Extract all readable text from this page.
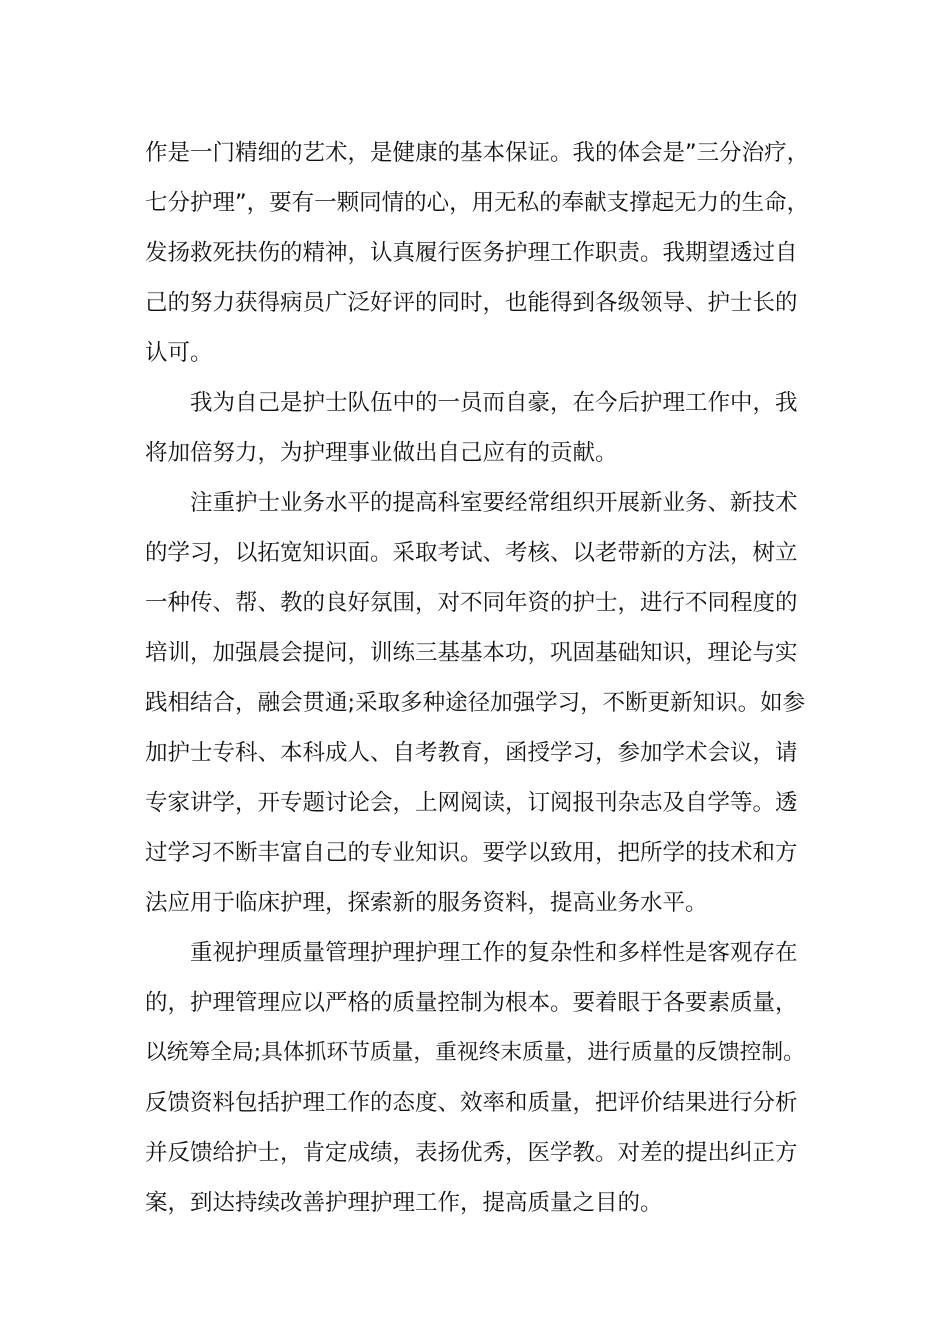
作是一门精细的艺术，是健康的基本保证。我的体会是”三分治疗，
七分护理”，要有一颗同情的心，用无私的奉献支撑起无力的生命，
发扬救死扶伤的精神，认真履行医务护理工作职责。我期望透过自
己的努力获得病员广泛好评的同时，也能得到各级领导、护士长的
认可。
我为自己是护士队伍中的一员而自豪，在今后护理工作中，我
将加倍努力，为护理事业做出自己应有的贡献。
注重护士业务水平的提高科室要经常组织开展新业务、新技术
的学习，以拓宽知识面。采取考试、考核、以老带新的方法，树立
一种传、帮、教的良好氛围，对不同年资的护士，进行不同程度的
培训，加强晨会提问，训练三基基本功，巩固基础知识，理论与实
践相结合，融会贯通;采取多种途径加强学习，不断更新知识。如参
加护士专科、本科成人、自考教育，函授学习，参加学术会议，请
专家讲学，开专题讨论会，上网阅读，订阅报刊杂志及自学等。透
过学习不断丰富自己的专业知识。要学以致用，把所学的技术和方
法应用于临床护理，探索新的服务资料，提高业务水平。
重视护理质量管理护理护理工作的复杂性和多样性是客观存在
的，护理管理应以严格的质量控制为根本。要着眼于各要素质量，
以统筹全局;具体抓环节质量，重视终末质量，进行质量的反馈控制。
反馈资料包括护理工作的态度、效率和质量，把评价结果进行分析
并反馈给护士，肯定成绩，表扬优秀，医学教。对差的提出纠正方
案，到达持续改善护理护理工作，提高质量之目的。
